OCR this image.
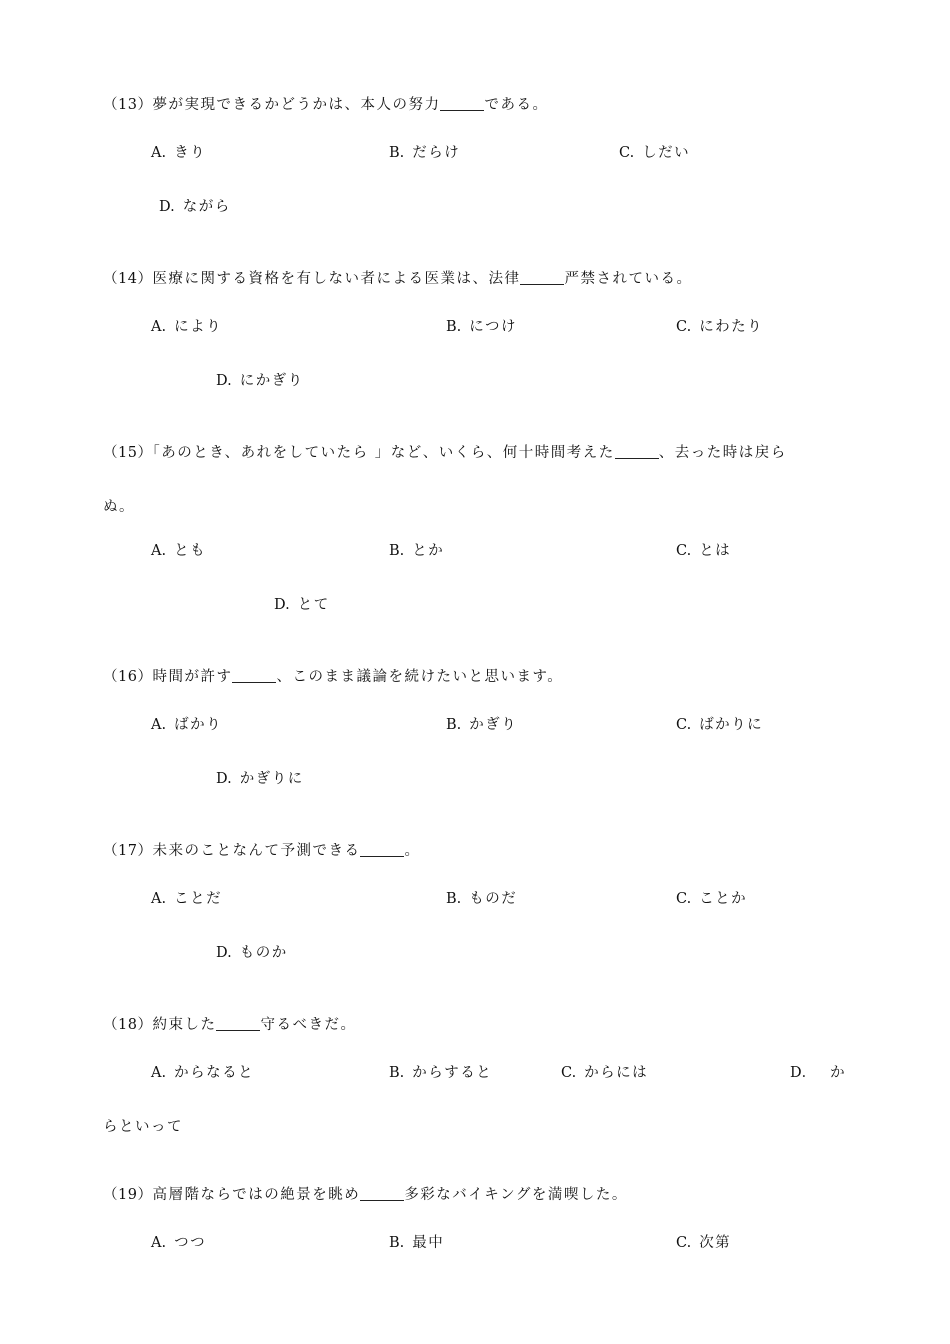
（13）夢が実現できるかどうかは、本人の努力	である。
A. きり	B. だらけ	C. しだい
D. ながら
（14）医療に関する資格を有しない者による医業は、法律	严禁されている。
A. により	B. につけ	C. にわたり
D. にかぎり
（15）「あのとき、あれをしていたら 」など、いくら、何十時間考えた	、去った時は戻ら
ぬ。
A. とも	B. とか	C. とは
D. とて
（16）時間が許す	、このまま議論を続けたいと思います。
A. ばかり	B. かぎり	C. ばかりに
D. かぎりに
（17）未来のことなんて予測できる	。
A. ことだ	B. ものだ	C. ことか
D. ものか
（18）約束した	守るべきだ。
A. からなると	B. からすると	C. からには	D． か
らといって
（19）高層階ならではの絶景を眺め	多彩なバイキングを満喫した。
A. つつ	B. 最中	C. 次第
